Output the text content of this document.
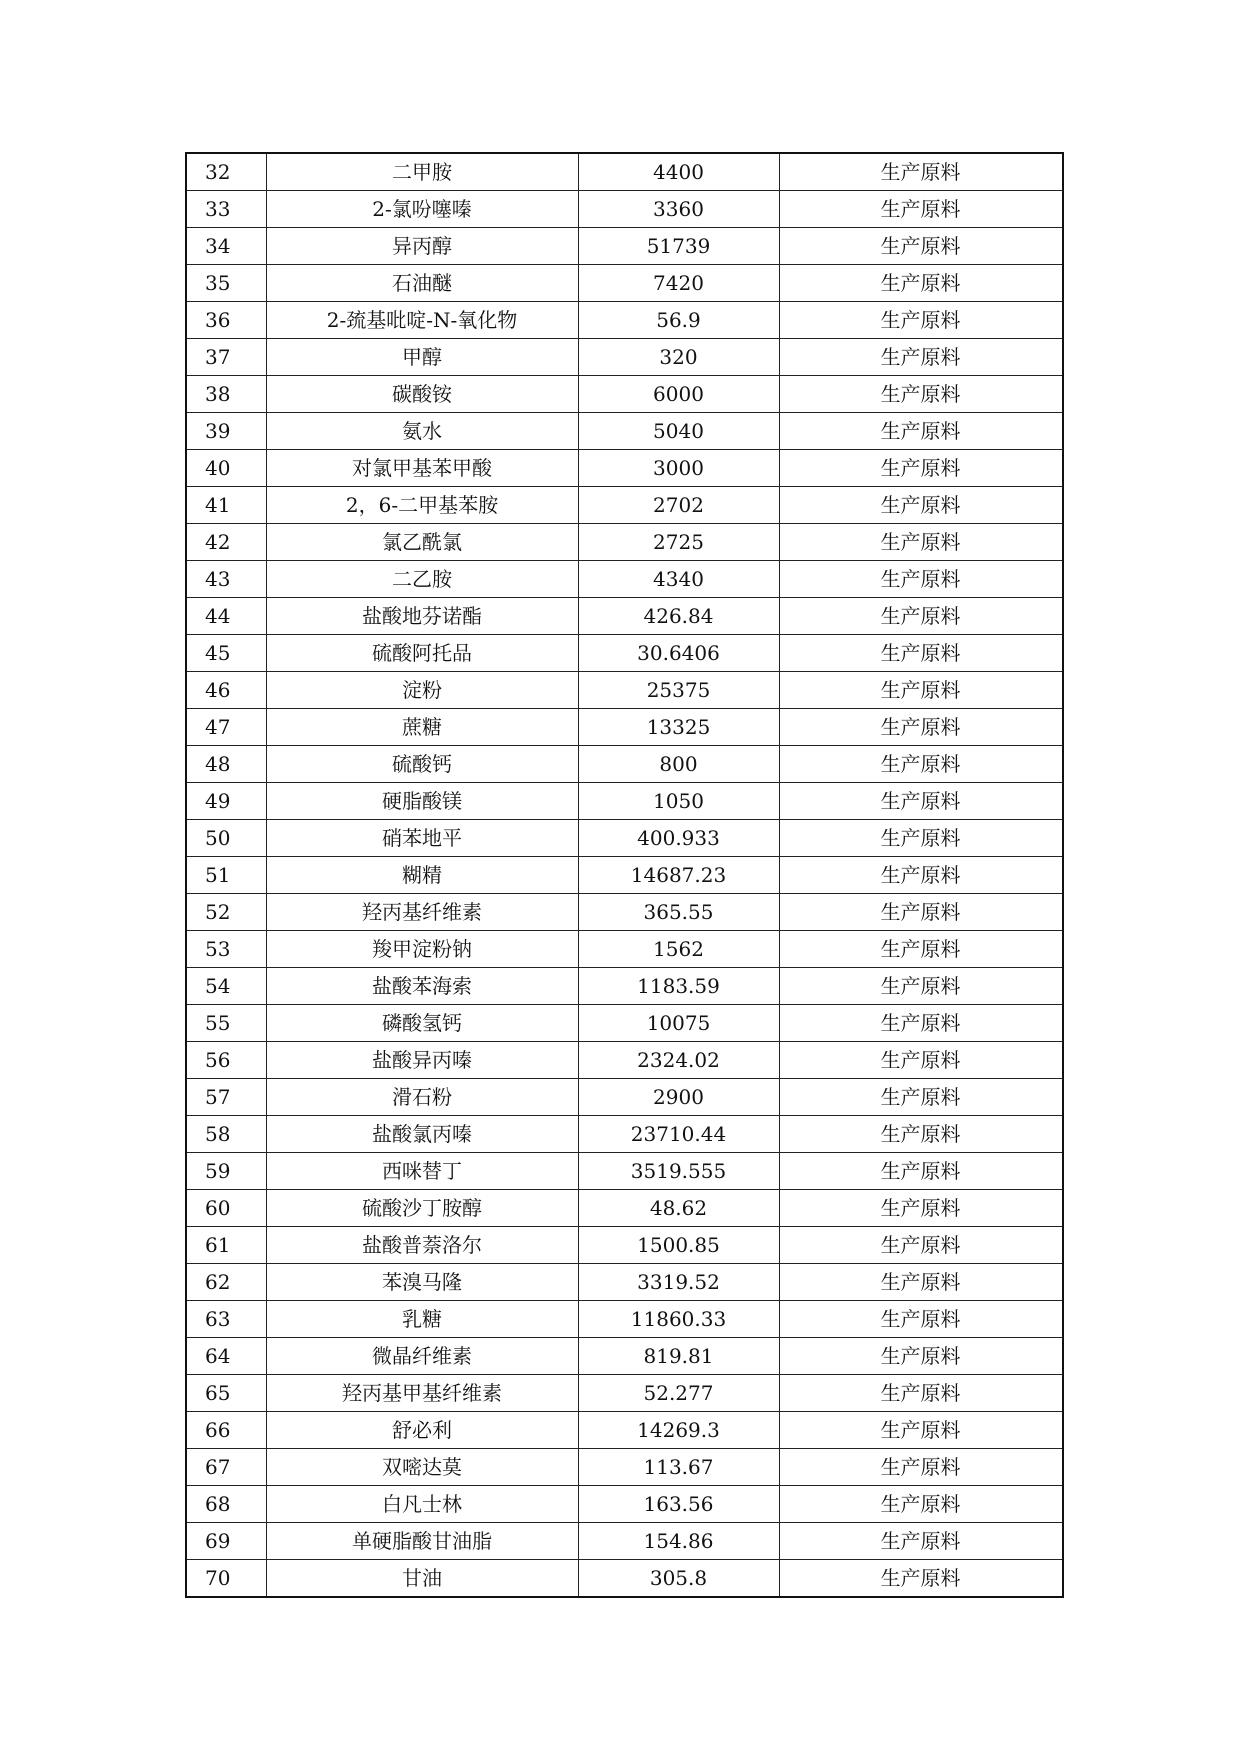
32	二甲胺	4400	生产原料
33	2-氯吩噻嗪	3360	生产原料
34	异丙醇	51739	生产原料
35	石油醚	7420	生产原料
36	2-巯基吡啶-N-氧化物	56.9	生产原料
37	甲醇	320	生产原料
38	碳酸铵	6000	生产原料
39	氨水	5040	生产原料
40	对氯甲基苯甲酸	3000	生产原料
41	2，6-二甲基苯胺	2702	生产原料
42	氯乙酰氯	2725	生产原料
43	二乙胺	4340	生产原料
44	盐酸地芬诺酯	426.84	生产原料
45	硫酸阿托品	30.6406	生产原料
46	淀粉	25375	生产原料
47	蔗糖	13325	生产原料
48	硫酸钙	800	生产原料
49	硬脂酸镁	1050	生产原料
50	硝苯地平	400.933	生产原料
51	糊精	14687.23	生产原料
52	羟丙基纤维素	365.55	生产原料
53	羧甲淀粉钠	1562	生产原料
54	盐酸苯海索	1183.59	生产原料
55	磷酸氢钙	10075	生产原料
56	盐酸异丙嗪	2324.02	生产原料
57	滑石粉	2900	生产原料
58	盐酸氯丙嗪	23710.44	生产原料
59	西咪替丁	3519.555	生产原料
60	硫酸沙丁胺醇	48.62	生产原料
61	盐酸普萘洛尔	1500.85	生产原料
62	苯溴马隆	3319.52	生产原料
63	乳糖	11860.33	生产原料
64	微晶纤维素	819.81	生产原料
65	羟丙基甲基纤维素	52.277	生产原料
66	舒必利	14269.3	生产原料
67	双嘧达莫	113.67	生产原料
68	白凡士林	163.56	生产原料
69	单硬脂酸甘油脂	154.86	生产原料
70	甘油	305.8	生产原料
